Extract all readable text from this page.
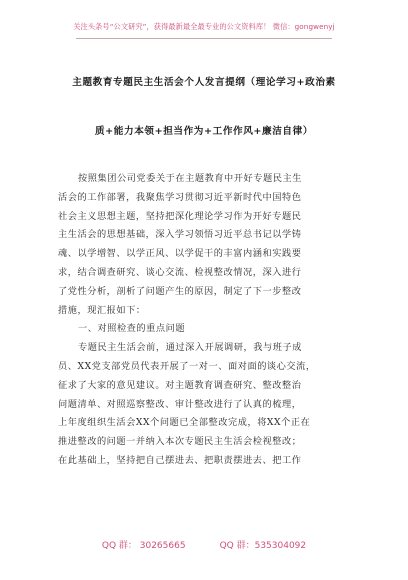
关注头条号“公文研究”，获得最新最全最专业的公文资料库！ 微信：gongwenyj
主题教育专题民主生活会个人发言提纲（理论学习+政治素
质+能力本领+担当作为+工作作风+廉洁自律）
按照集团公司党委关于在主题教育中开好专题民主生
活会的工作部署，我聚焦学习贯彻习近平新时代中国特色
社会主义思想主题，坚持把深化理论学习作为开好专题民
主生活会的思想基础，深入学习领悟习近平总书记以学铸
魂、以学增智、以学正风、以学促干的丰富内涵和实践要
求，结合调查研究、谈心交流、检视整改情况，深入进行
了党性分析，剖析了问题产生的原因，制定了下一步整改
措施，现汇报如下：
一、对照检查的重点问题
专题民主生活会前，通过深入开展调研，我与班子成
员、XX党支部党员代表开展了一对一、面对面的谈心交流，
征求了大家的意见建议。对主题教育调查研究、整改整治
问题清单、对照巡察整改、审计整改进行了认真的梳理，
上年度组织生活会XX个问题已全部整改完成，将XX个正在
推进整改的问题一并纳入本次专题民主生活会检视整改；
在此基础上，坚持把自己摆进去、把职责摆进去、把工作
QQ 群： 30265665	QQ 群：535304092
